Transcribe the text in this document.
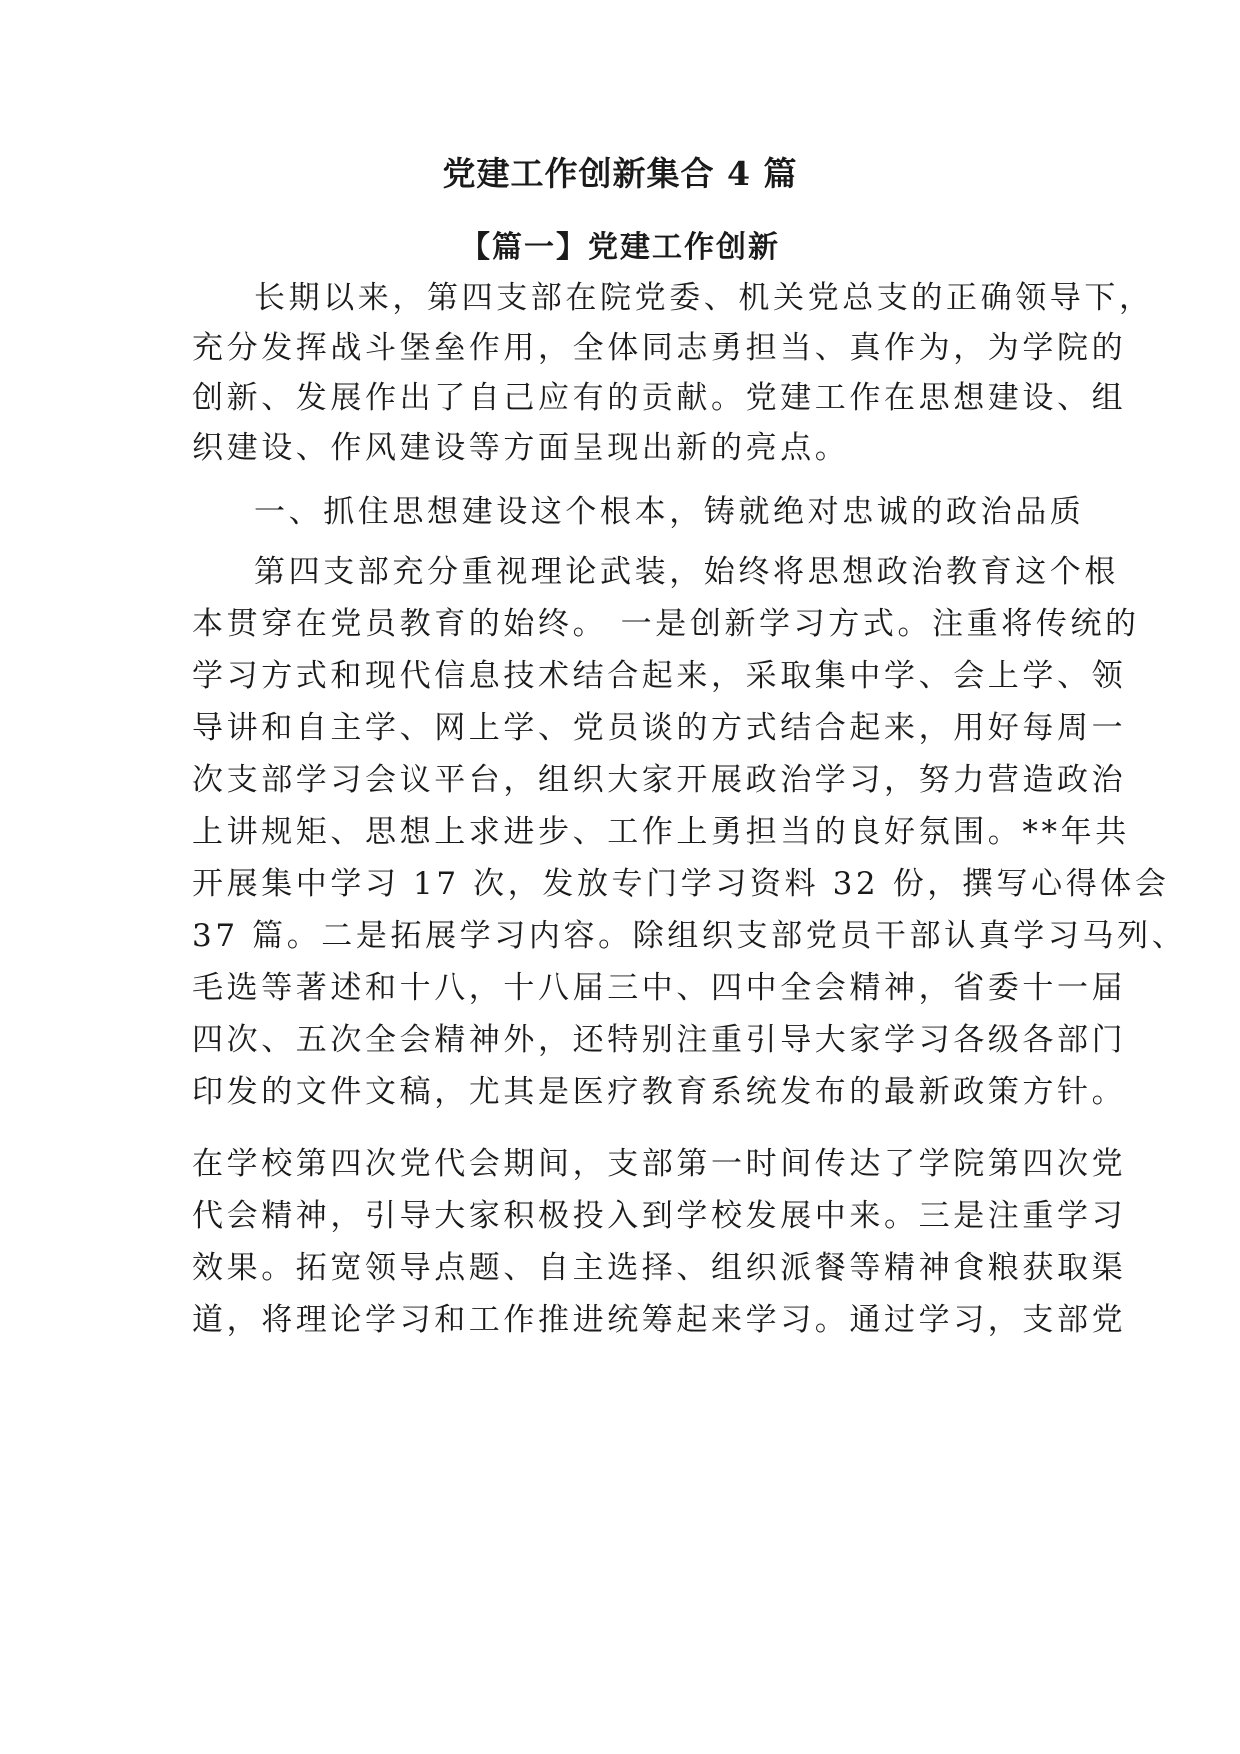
党建工作创新集合 4 篇
【篇一】党建工作创新

长期以来，第四支部在院党委、机关党总支的正确领导下，

充分发挥战斗堡垒作用，全体同志勇担当、真作为，为学院的

创新、发展作出了自己应有的贡献。党建工作在思想建设、组

织建设、作风建设等方面呈现出新的亮点。

一、抓住思想建设这个根本，铸就绝对忠诚的政治品质

第四支部充分重视理论武装，始终将思想政治教育这个根

本贯穿在党员教育的始终。 一是创新学习方式。注重将传统的

学习方式和现代信息技术结合起来，采取集中学、会上学、领

导讲和自主学、网上学、党员谈的方式结合起来，用好每周一

次支部学习会议平台，组织大家开展政治学习，努力营造政治

上讲规矩、思想上求进步、工作上勇担当的良好氛围。**年共

开展集中学习 17 次，发放专门学习资料 32 份，撰写心得体会

37 篇。二是拓展学习内容。除组织支部党员干部认真学习马列、

毛选等著述和十八，十八届三中、四中全会精神，省委十一届

四次、五次全会精神外，还特别注重引导大家学习各级各部门

印发的文件文稿，尤其是医疗教育系统发布的最新政策方针。

在学校第四次党代会期间，支部第一时间传达了学院第四次党

代会精神，引导大家积极投入到学校发展中来。三是注重学习

效果。拓宽领导点题、自主选择、组织派餐等精神食粮获取渠

道，将理论学习和工作推进统筹起来学习。通过学习，支部党
